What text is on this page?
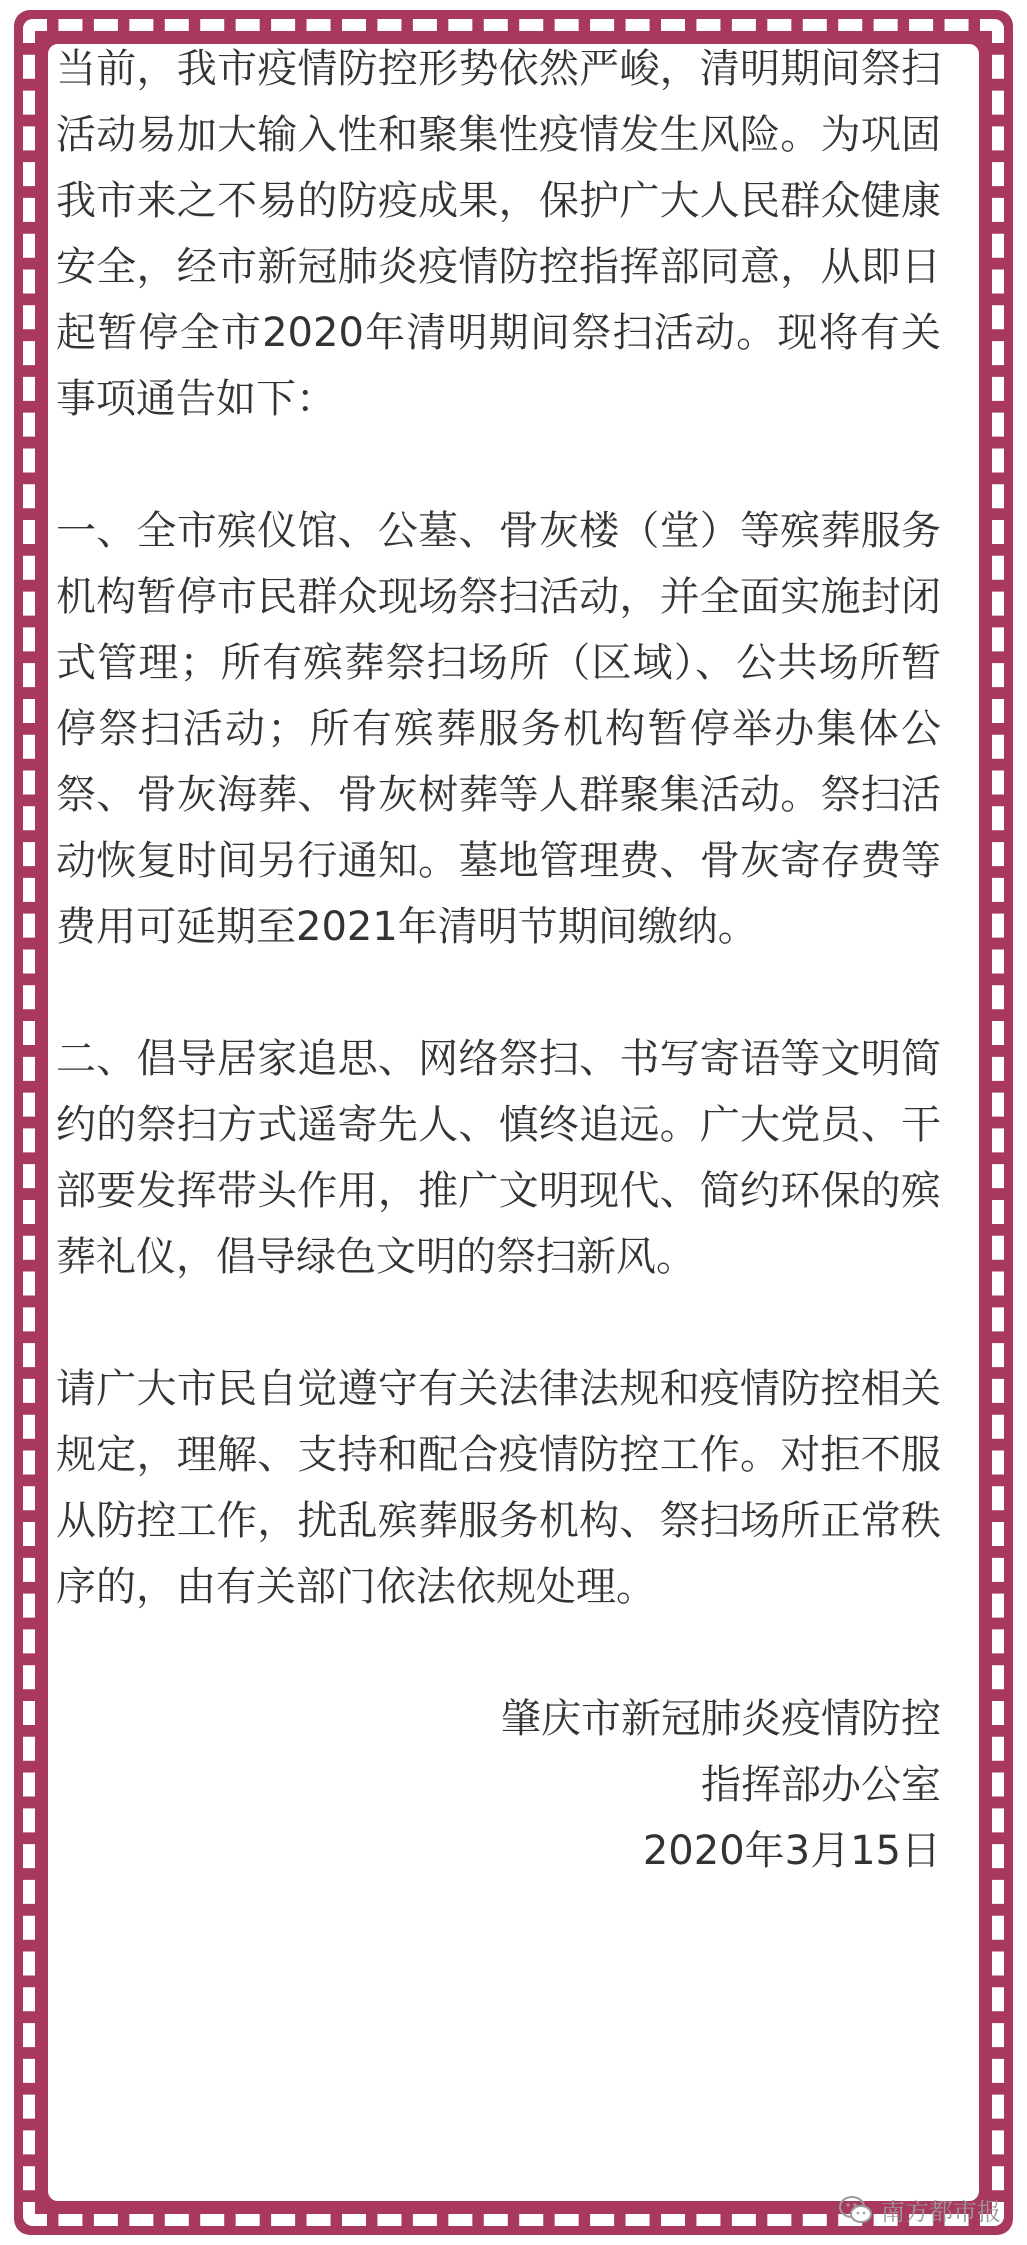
当前，我市疫情防控形势依然严峻，清明期间祭扫活动易加大输入性和聚集性疫情发生风险。为巩固我市来之不易的防疫成果，保护广大人民群众健康安全，经市新冠肺炎疫情防控指挥部同意，从即日起暂停全市2020年清明期间祭扫活动。现将有关事项通告如下：

一、全市殡仪馆、公墓、骨灰楼（堂）等殡葬服务机构暂停市民群众现场祭扫活动，并全面实施封闭式管理；所有殡葬祭扫场所（区域）、公共场所暂停祭扫活动；所有殡葬服务机构暂停举办集体公祭、骨灰海葬、骨灰树葬等人群聚集活动。祭扫活动恢复时间另行通知。墓地管理费、骨灰寄存费等费用可延期至2021年清明节期间缴纳。

二、倡导居家追思、网络祭扫、书写寄语等文明简约的祭扫方式遥寄先人、慎终追远。广大党员、干部要发挥带头作用，推广文明现代、简约环保的殡葬礼仪，倡导绿色文明的祭扫新风。

请广大市民自觉遵守有关法律法规和疫情防控相关规定，理解、支持和配合疫情防控工作。对拒不服从防控工作，扰乱殡葬服务机构、祭扫场所正常秩序的，由有关部门依法依规处理。

肇庆市新冠肺炎疫情防控
指挥部办公室
2020年3月15日
南方都市报
